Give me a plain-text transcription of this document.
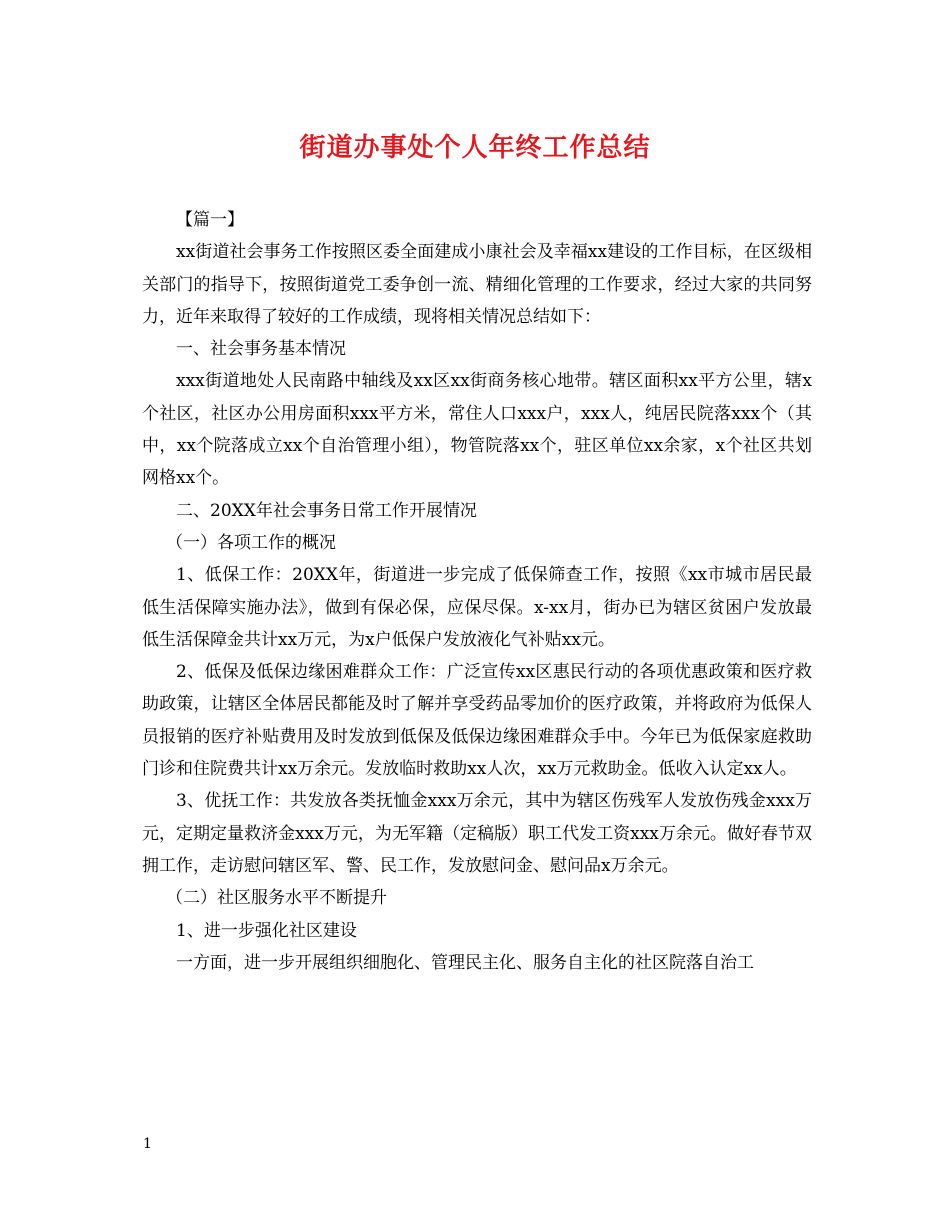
街道办事处个人年终工作总结

【篇一】

xx街道社会事务工作按照区委全面建成小康社会及幸福xx建设的工作目标，在区级相关部门的指导下，按照街道党工委争创一流、精细化管理的工作要求，经过大家的共同努力，近年来取得了较好的工作成绩，现将相关情况总结如下：

一、社会事务基本情况

xxx街道地处人民南路中轴线及xx区xx街商务核心地带。辖区面积xx平方公里，辖x个社区，社区办公用房面积xxx平方米，常住人口xxx户，xxx人，纯居民院落xxx个（其中，xx个院落成立xx个自治管理小组），物管院落xx个，驻区单位xx余家，x个社区共划网格xx个。

二、20XX年社会事务日常工作开展情况

（一）各项工作的概况

1、低保工作：20XX年，街道进一步完成了低保筛查工作，按照《xx市城市居民最低生活保障实施办法》，做到有保必保，应保尽保。x-xx月，街办已为辖区贫困户发放最低生活保障金共计xx万元，为x户低保户发放液化气补贴xx元。

2、低保及低保边缘困难群众工作：广泛宣传xx区惠民行动的各项优惠政策和医疗救助政策，让辖区全体居民都能及时了解并享受药品零加价的医疗政策，并将政府为低保人员报销的医疗补贴费用及时发放到低保及低保边缘困难群众手中。今年已为低保家庭救助门诊和住院费共计xx万余元。发放临时救助xx人次，xx万元救助金。低收入认定xx人。

3、优抚工作：共发放各类抚恤金xxx万余元，其中为辖区伤残军人发放伤残金xxx万元，定期定量救济金xxx万元，为无军籍（定稿版）职工代发工资xxx万余元。做好春节双拥工作，走访慰问辖区军、警、民工作，发放慰问金、慰问品x万余元。

（二）社区服务水平不断提升

1、进一步强化社区建设

一方面，进一步开展组织细胞化、管理民主化、服务自主化的社区院落自治工

1
